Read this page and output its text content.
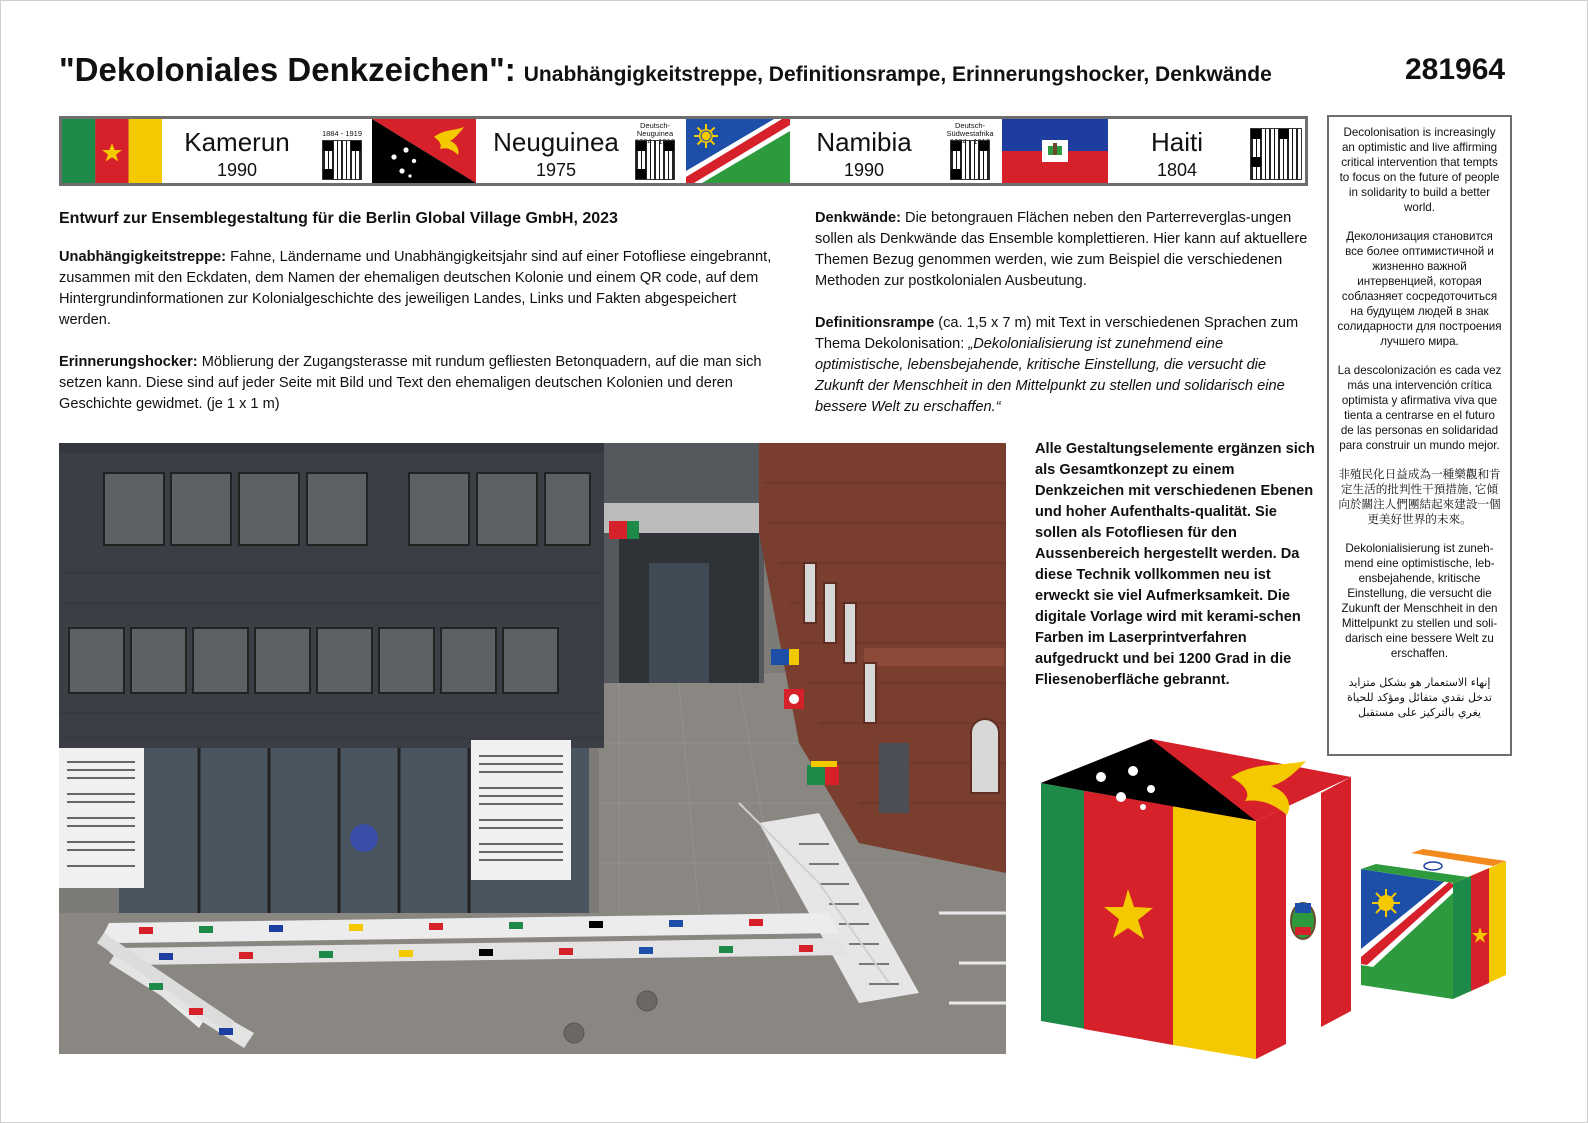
"Dekoloniales Denkzeichen": Unabhängigkeitstreppe, Definitionsrampe, Erinnerungshocker, Denkwände	281964
Kamerun
1990

1884 - 1919	Neuguinea
1975
Deutsch-Neuguinea
1884 - 1919	Namibia
1990
Deutsch-Südwestafrika
1884 - 1919	Haiti
1804
Entwurf zur Ensemblegestaltung für die Berlin Global Village GmbH, 2023

Unabhängigkeitstreppe: Fahne, Ländername und Unabhängigkeitsjahr sind auf einer Fotofliese eingebrannt, zusammen mit den Eckdaten, dem Namen der ehemaligen deutschen Kolonie und einem QR code, auf dem Hintergrundinformationen zur Kolonialgeschichte des jeweiligen Landes, Links und Fakten abgespeichert werden.

Erinnerungshocker: Möblierung der Zugangsterasse mit rundum gefliesten Betonquadern, auf die man sich setzen kann. Diese sind auf jeder Seite mit Bild und Text den ehemaligen deutschen Kolonien und deren Geschichte gewidmet. (je 1 x 1 m)

Denkwände: Die betongrauen Flächen neben den Parterreverglas-ungen sollen als Denkwände das Ensemble komplettieren. Hier kann auf aktuellere Themen Bezug genommen werden, wie zum Beispiel die verschiedenen Methoden zur postkolonialen Ausbeutung.

Definitionsrampe (ca. 1,5 x 7 m) mit Text in verschiedenen Sprachen zum Thema Dekolonisation: „Dekolonialisierung ist zunehmend eine optimistische, lebensbejahende, kritische Einstellung, die versucht die Zukunft der Menschheit in den Mittelpunkt zu stellen und solidarisch eine bessere Welt zu erschaffen.“

Decolonisation is increasingly an optimistic and live affirming critical intervention that tempts to focus on the future of people in solidarity to build a better world.

Деколонизация становится все более оптимистичной и жизненно важной интервенцией, которая соблазняет сосредоточиться на будущем людей в знак солидарности для построения лучшего мира.

La descolonización es cada vez más una intervención crítica optimista y afirmativa viva que tienta a centrarse en el futuro de las personas en solidaridad para construir un mundo mejor.

非殖民化日益成為一種樂觀和肯定生活的批判性干預措施, 它傾向於關注人們團結起來建設一個更美好世界的未來。

Dekolonialisierung ist zuneh-mend eine optimistische, leb-ensbejahende, kritische Einstellung, die versucht die Zukunft der Menschheit in den Mittelpunkt zu stellen und soli-darisch eine bessere Welt zu erschaffen.

إنهاء الاستعمار هو بشكل متزايد تدخل نقدي متفائل ومؤكد للحياة يغري بالتركيز على مستقبل

Alle Gestaltungselemente ergänzen sich als Gesamtkonzept zu einem Denkzeichen mit verschiedenen Ebenen und hoher Aufenthalts-qualität. Sie sollen als Fotofliesen für den Aussenbereich hergestellt werden. Da diese Technik vollkommen neu ist erweckt sie viel Aufmerksamkeit. Die digitale Vorlage wird mit kerami-schen Farben im Laserprintverfahren aufgedruckt und bei 1200 Grad in die Fliesenoberfläche gebrannt.
